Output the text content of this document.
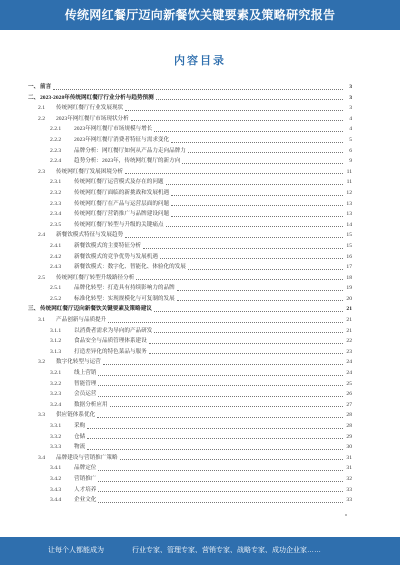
传统网红餐厅迈向新餐饮关键要素及策略研究报告
内容目录
一、 前言	3
二、 2023-2028年传统网红餐厅行业分析与趋势预测	3
2.1 传统网红餐厅行业发展现状	3
2.2 2023年网红餐厅市场现状分析	4
2.2.1 2023年网红餐厅市场规模与增长	4
2.2.2 2023年网红餐厅消费者特征与需求变化	5
2.2.3 品牌分析：网红餐厅如何从产品力走向品牌力	6
2.2.4 趋势分析：2023年，传统网红餐厅的新方向	9
2.3 传统网红餐厅发展困境分析	11
2.3.1 传统网红餐厅运营模式及存在的问题	11
2.3.2 传统网红餐厅面临的新挑战和发展机遇	12
2.3.3 传统网红餐厅在产品与运营层面的问题	13
2.3.4 传统网红餐厅营销推广与品牌建设问题	13
2.3.5 传统网红餐厅转型与升级的关键痛点	14
2.4 新餐饮模式特征与发展趋势	15
2.4.1 新餐饮模式的主要特征分析	15
2.4.2 新餐饮模式的竞争优势与发展机遇	16
2.4.3 新餐饮模式：数字化、智能化、体验化的发展	17
2.5 传统网红餐厅转型升级路径分析	18
2.5.1 品牌化转型：打造具有持续影响力的品牌	19
2.5.2 标准化转型：实现规模化与可复制的发展	20
三、 传统网红餐厅迈向新餐饮关键要素及策略建议	21
3.1 产品创新与品质提升	21
3.1.1 以消费者需求为导向的产品研发	21
3.1.2 食品安全与品质管理体系建设	22
3.1.3 打造差异化的特色菜品与服务	23
3.2 数字化转型与运营	24
3.2.1 线上营销	24
3.2.2 智能管理	25
3.2.3 会员运营	26
3.2.4 数据分析应用	27
3.3 供应链体系优化	28
3.3.1 采购	28
3.3.2 仓储	29
3.3.3 物流	30
3.4 品牌建设与营销推广策略	31
3.4.1 品牌定位	31
3.4.2 营销推广	32
3.4.3 人才培养	33
3.4.4 企业文化	33
让每个人都能成为	行业专家、管理专家、营销专家、战略专家、成功企业家……
